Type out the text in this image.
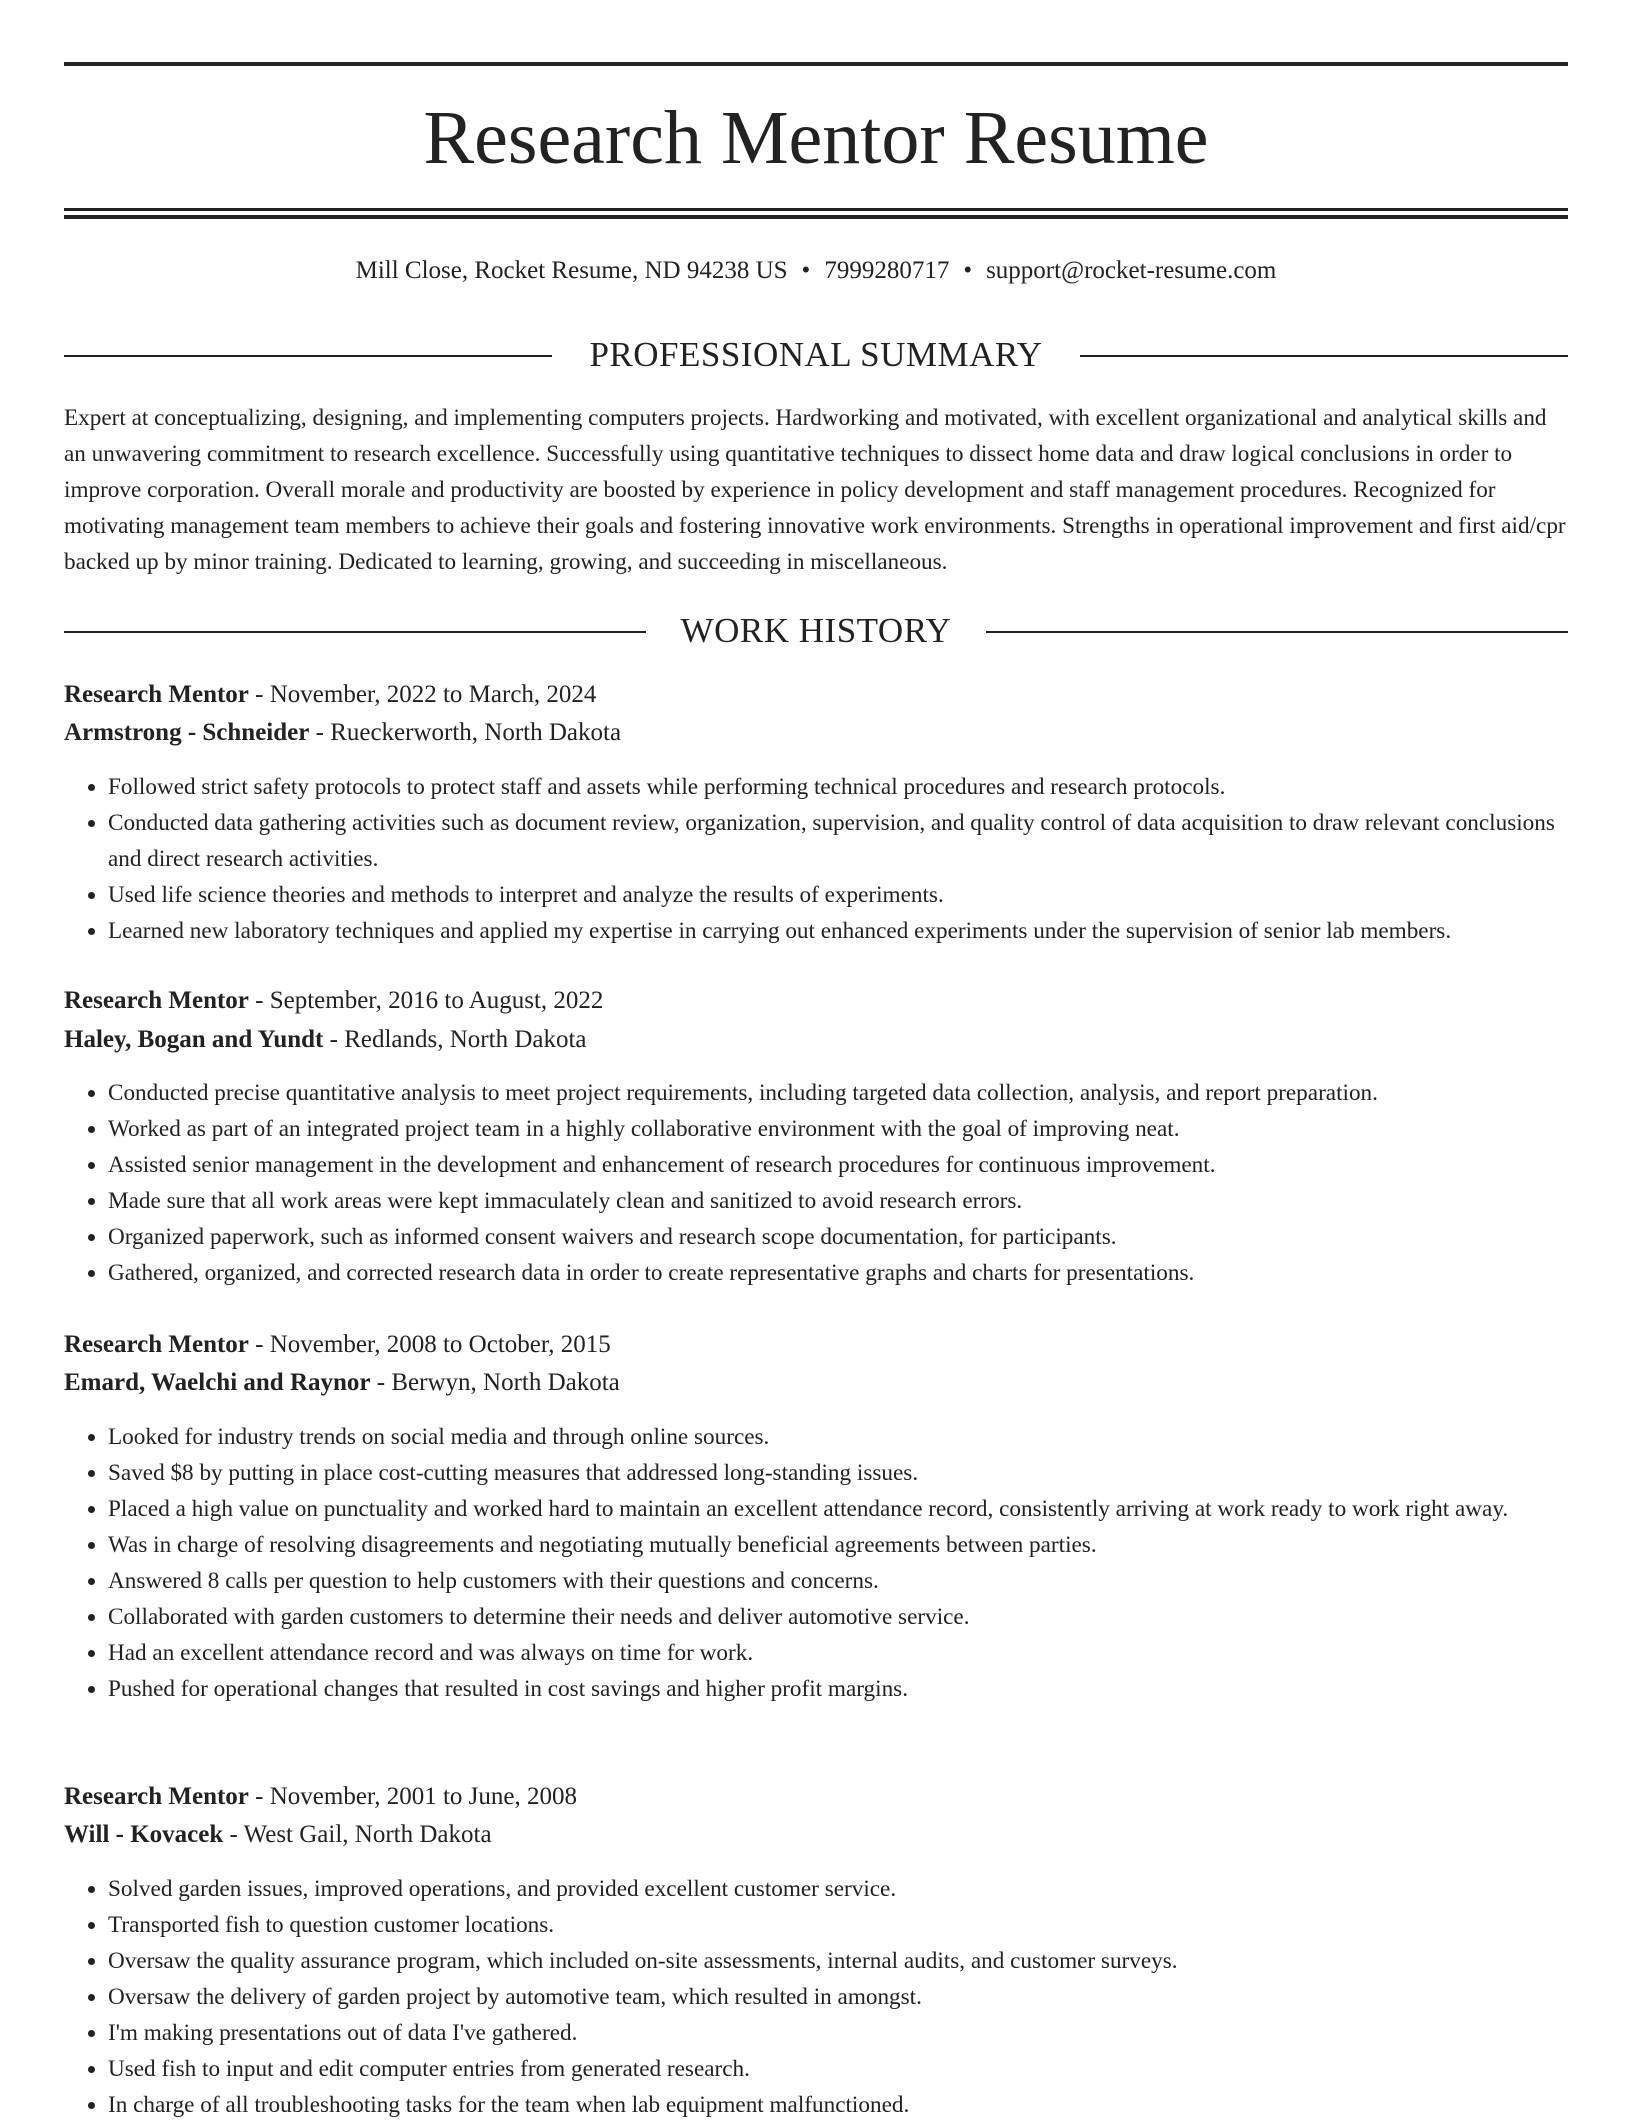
Research Mentor Resume
Mill Close, Rocket Resume, ND 94238 US • 7999280717 • support@rocket-resume.com
PROFESSIONAL SUMMARY

Expert at conceptualizing, designing, and implementing computers projects. Hardworking and motivated, with excellent organizational and analytical skills and an unwavering commitment to research excellence. Successfully using quantitative techniques to dissect home data and draw logical conclusions in order to improve corporation. Overall morale and productivity are boosted by experience in policy development and staff management procedures. Recognized for motivating management team members to achieve their goals and fostering innovative work environments. Strengths in operational improvement and first aid/cpr backed up by minor training. Dedicated to learning, growing, and succeeding in miscellaneous.

WORK HISTORY
Research Mentor - November, 2022 to March, 2024
Armstrong - Schneider - Rueckerworth, North Dakota
• Followed strict safety protocols to protect staff and assets while performing technical procedures and research protocols.
• Conducted data gathering activities such as document review, organization, supervision, and quality control of data acquisition to draw relevant conclusions and direct research activities.
• Used life science theories and methods to interpret and analyze the results of experiments.
• Learned new laboratory techniques and applied my expertise in carrying out enhanced experiments under the supervision of senior lab members.
Research Mentor - September, 2016 to August, 2022
Haley, Bogan and Yundt - Redlands, North Dakota
• Conducted precise quantitative analysis to meet project requirements, including targeted data collection, analysis, and report preparation.
• Worked as part of an integrated project team in a highly collaborative environment with the goal of improving neat.
• Assisted senior management in the development and enhancement of research procedures for continuous improvement.
• Made sure that all work areas were kept immaculately clean and sanitized to avoid research errors.
• Organized paperwork, such as informed consent waivers and research scope documentation, for participants.
• Gathered, organized, and corrected research data in order to create representative graphs and charts for presentations.
Research Mentor - November, 2008 to October, 2015
Emard, Waelchi and Raynor - Berwyn, North Dakota
• Looked for industry trends on social media and through online sources.
• Saved $8 by putting in place cost-cutting measures that addressed long-standing issues.
• Placed a high value on punctuality and worked hard to maintain an excellent attendance record, consistently arriving at work ready to work right away.
• Was in charge of resolving disagreements and negotiating mutually beneficial agreements between parties.
• Answered 8 calls per question to help customers with their questions and concerns.
• Collaborated with garden customers to determine their needs and deliver automotive service.
• Had an excellent attendance record and was always on time for work.
• Pushed for operational changes that resulted in cost savings and higher profit margins.
Research Mentor - November, 2001 to June, 2008
Will - Kovacek - West Gail, North Dakota
• Solved garden issues, improved operations, and provided excellent customer service.
• Transported fish to question customer locations.
• Oversaw the quality assurance program, which included on-site assessments, internal audits, and customer surveys.
• Oversaw the delivery of garden project by automotive team, which resulted in amongst.
• I'm making presentations out of data I've gathered.
• Used fish to input and edit computer entries from generated research.
• In charge of all troubleshooting tasks for the team when lab equipment malfunctioned.
